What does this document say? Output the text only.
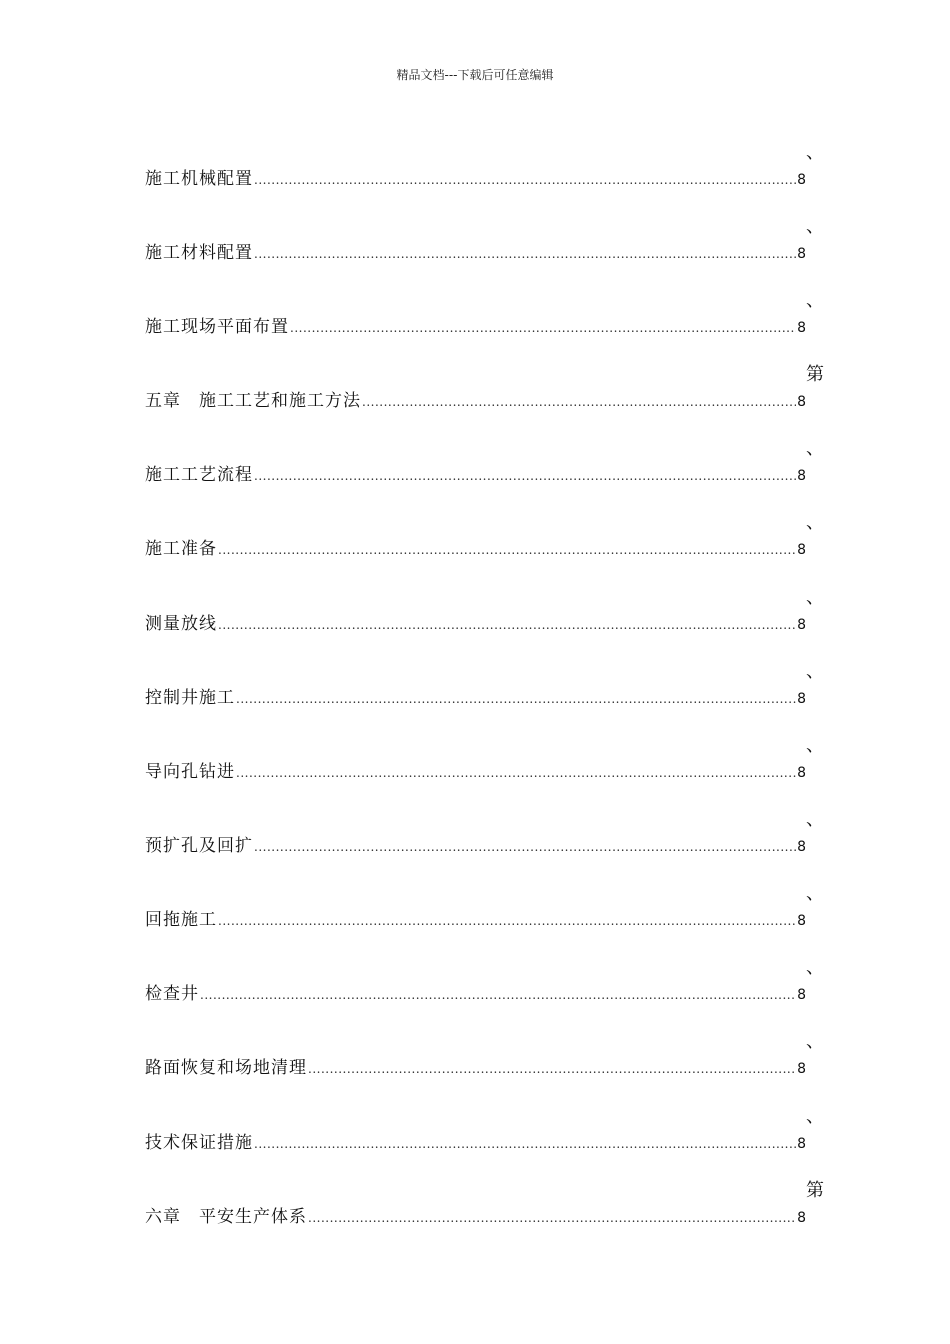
精品文档---下载后可任意编辑
、
施工机械配置 .....	8
、
施工材料配置 .....	8
、
施工现场平面布置 .....	8
第
五章　施工工艺和施工方法 .....	8
、
施工工艺流程 .....	8
、
施工准备 .....	8
、
测量放线 .....	8
、
控制井施工 .....	8
、
导向孔钻进 .....	8
、
预扩孔及回扩 .....	8
、
回拖施工 .....	8
、
检查井 .....	8
、
路面恢复和场地清理 .....	8
、
技术保证措施 .....	8
第
六章　平安生产体系 .....	8
